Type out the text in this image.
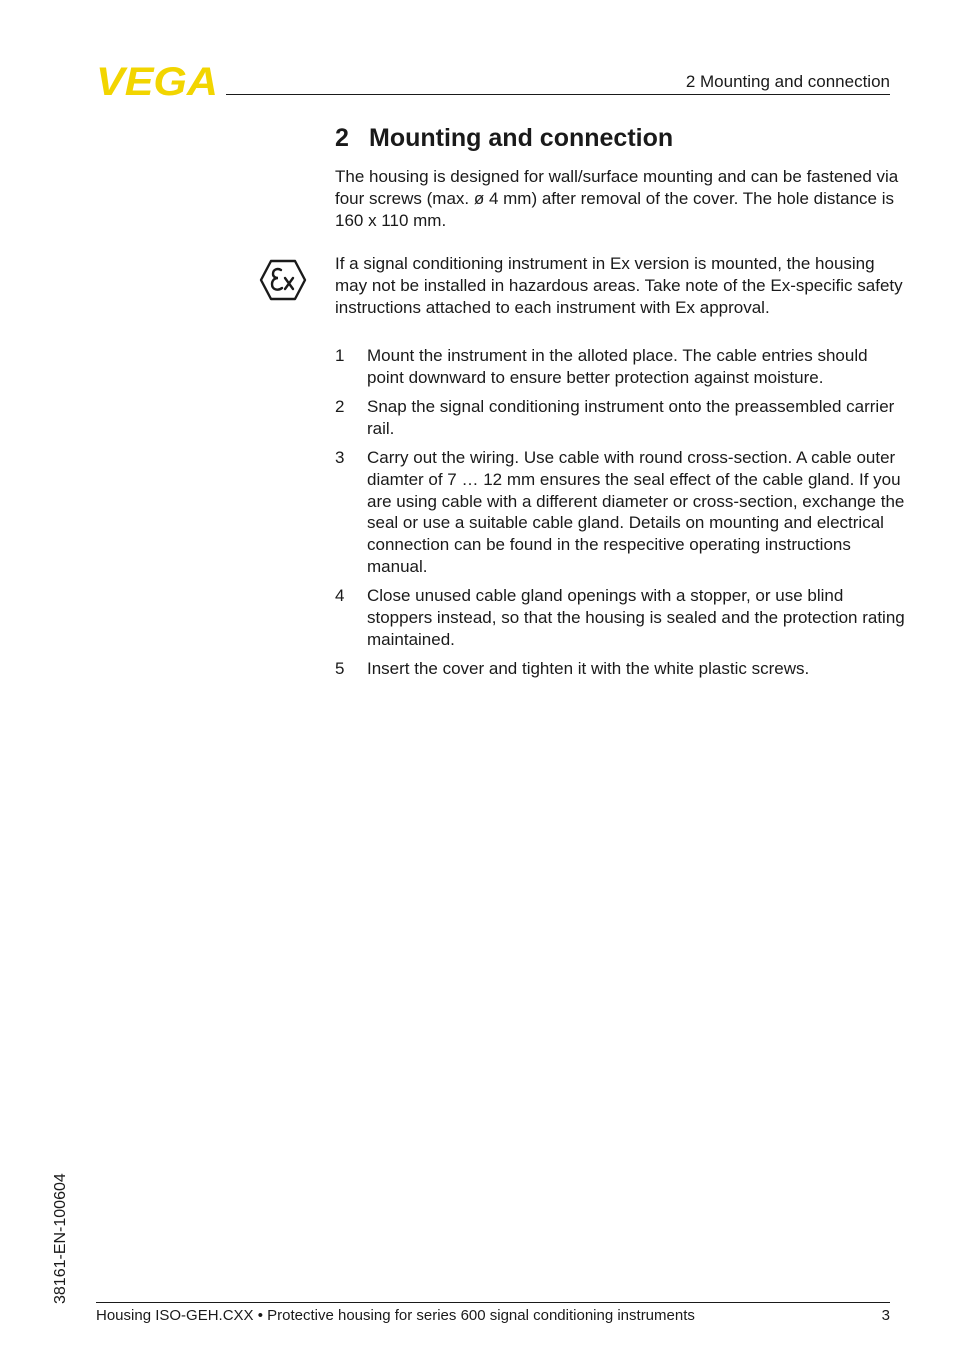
VEGA	2 Mounting and connection
2 Mounting and connection

The housing is designed for wall/surface mounting and can be fastened via four screws (max. ø 4 mm) after removal of the cover. The hole distance is 160 x 110 mm.

If a signal conditioning instrument in Ex version is mounted, the housing may not be installed in hazardous areas. Take note of the Ex-specific safety instructions attached to each instrument with Ex approval.

1	Mount the instrument in the alloted place. The cable entries should point downward to ensure better protection against moisture.
2	Snap the signal conditioning instrument onto the preassembled carrier rail.
3	Carry out the wiring. Use cable with round cross-section. A cable outer diamter of 7 … 12 mm ensures the seal effect of the cable gland. If you are using cable with a different diameter or cross-section, exchange the seal or use a suitable cable gland. Details on mounting and electrical connection can be found in the respecitive operating instructions manual.
4	Close unused cable gland openings with a stopper, or use blind stoppers instead, so that the housing is sealed and the protection rating maintained.
5	Insert the cover and tighten it with the white plastic screws.
38161-EN-100604
Housing ISO-GEH.CXX • Protective housing for series 600 signal conditioning instruments	3
